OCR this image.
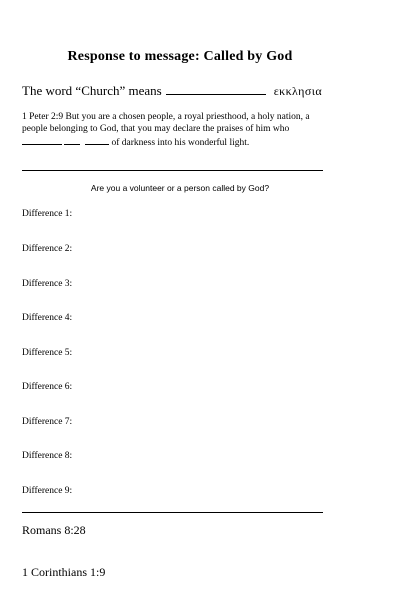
Response to message: Called by God
The word “Church” means	εκκλησια
1 Peter 2:9 But you are a chosen people, a royal priesthood, a holy nation, a
people belonging to God, that you may declare the praises of him who
of darkness into his wonderful light.
Are you a volunteer or a person called by God?
Difference 1:
Difference 2:
Difference 3:
Difference 4:
Difference 5:
Difference 6:
Difference 7:
Difference 8:
Difference 9:
Romans 8:28
1 Corinthians 1:9
